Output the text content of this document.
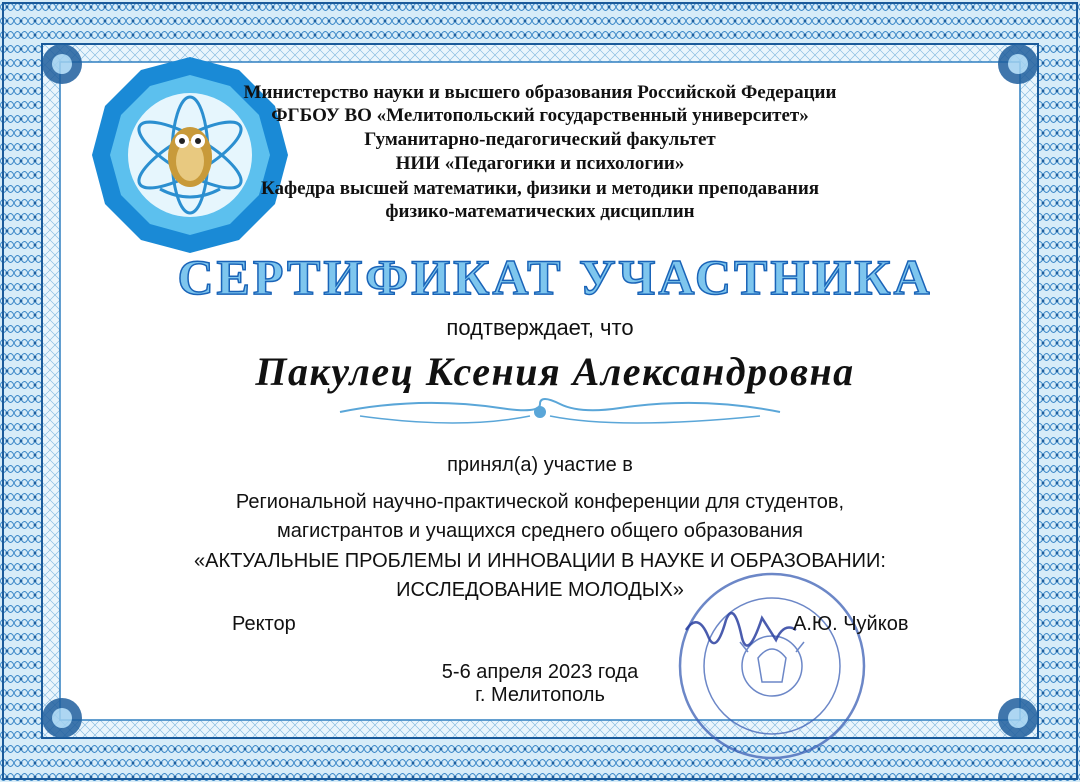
Министерство науки и высшего образования Российской Федерации
ФГБОУ ВО «Мелитопольский государственный университет»
Гуманитарно-педагогический факультет
НИИ «Педагогики и психологии»
Кафедра высшей математики, физики и методики преподавания
физико-математических дисциплин
СЕРТИФИКАТ УЧАСТНИКА
подтверждает, что
Пакулец Ксения Александровна
принял(а) участие в
Региональной научно-практической конференции для студентов,
магистрантов и учащихся среднего общего образования
«АКТУАЛЬНЫЕ ПРОБЛЕМЫ И ИННОВАЦИИ В НАУКЕ И ОБРАЗОВАНИИ:
ИССЛЕДОВАНИЕ МОЛОДЫХ»
Ректор	А.Ю. Чуйков
5-6 апреля 2023 года
г. Мелитополь
